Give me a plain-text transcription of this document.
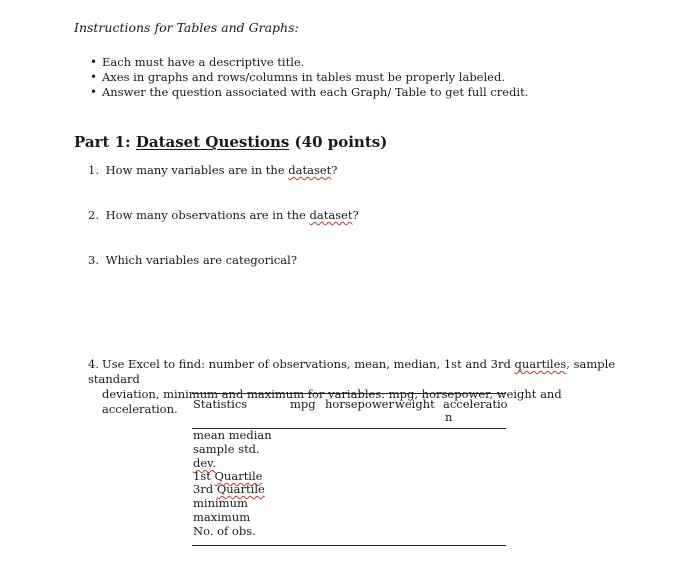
Instructions for Tables and Graphs:
• Each must have a descriptive title.
• Axes in graphs and rows/columns in tables must be properly labeled.
• Answer the question associated with each Graph/ Table to get full credit.
Part 1: Dataset Questions (40 points)
1. How many variables are in the dataset?
2. How many observations are in the dataset?
3. Which variables are categorical?
4. Use Excel to find: number of observations, mean, median, 1st and 3rd quartiles, sample standard
deviation, minimum and maximum for variables: mpg, horsepower, weight and acceleration.	Statistics	mpg horsepower weight acceleratio
n
mean median
sample std.
dev.
1st Quartile
3rd Quartile
minimum
maximum
No. of obs.
